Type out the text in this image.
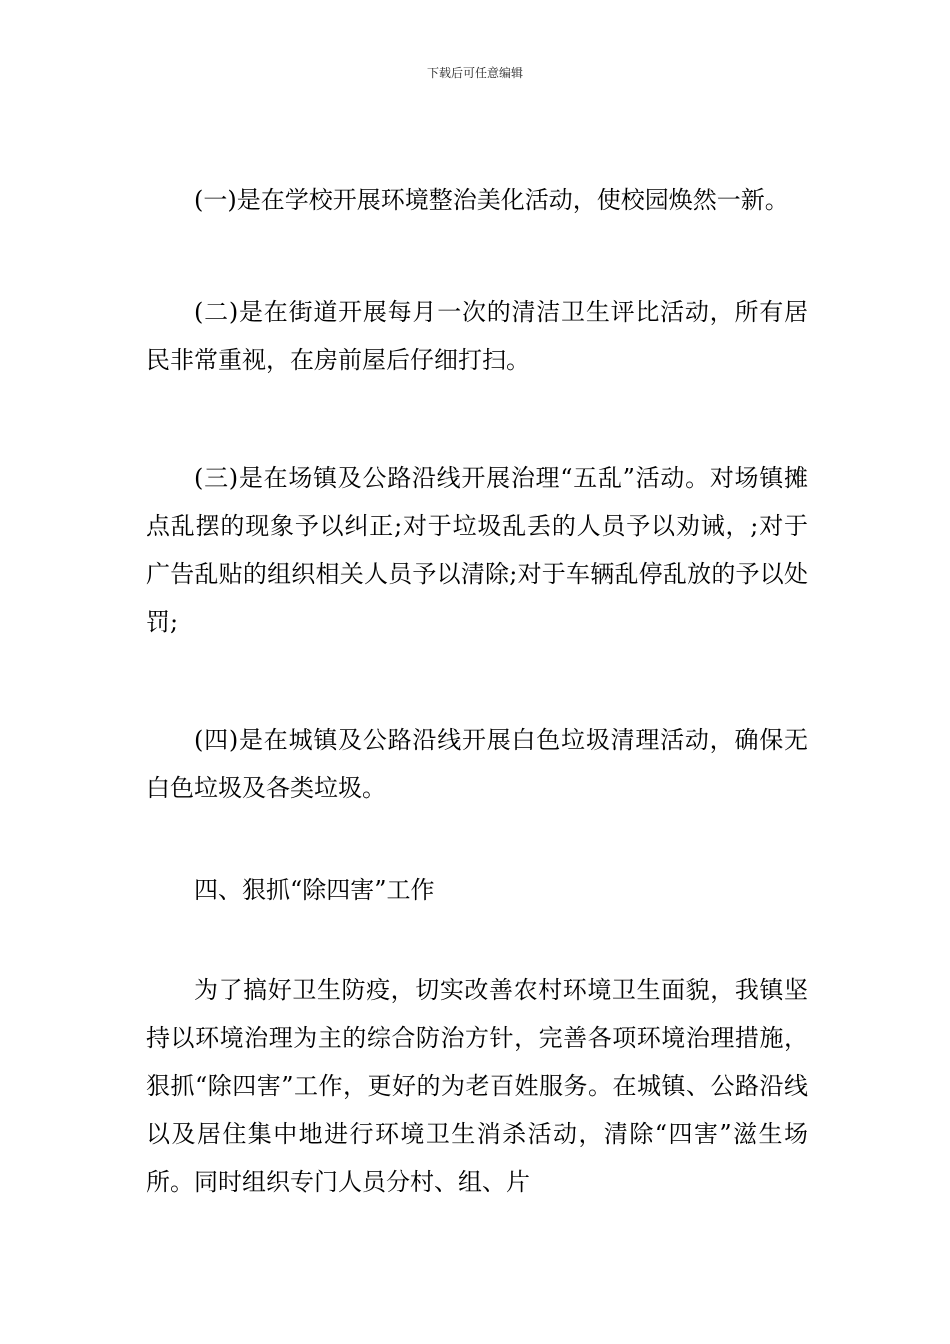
下载后可任意编辑

(一)是在学校开展环境整治美化活动，使校园焕然一新。

(二)是在街道开展每月一次的清洁卫生评比活动，所有居民非常重视，在房前屋后仔细打扫。

(三)是在场镇及公路沿线开展治理“五乱”活动。对场镇摊点乱摆的现象予以纠正;对于垃圾乱丢的人员予以劝诫，;对于广告乱贴的组织相关人员予以清除;对于车辆乱停乱放的予以处罚;

(四)是在城镇及公路沿线开展白色垃圾清理活动，确保无白色垃圾及各类垃圾。

四、狠抓“除四害”工作

为了搞好卫生防疫，切实改善农村环境卫生面貌，我镇坚持以环境治理为主的综合防治方针，完善各项环境治理措施，狠抓“除四害”工作，更好的为老百姓服务。在城镇、公路沿线以及居住集中地进行环境卫生消杀活动，清除“四害”滋生场所。同时组织专门人员分村、组、片
